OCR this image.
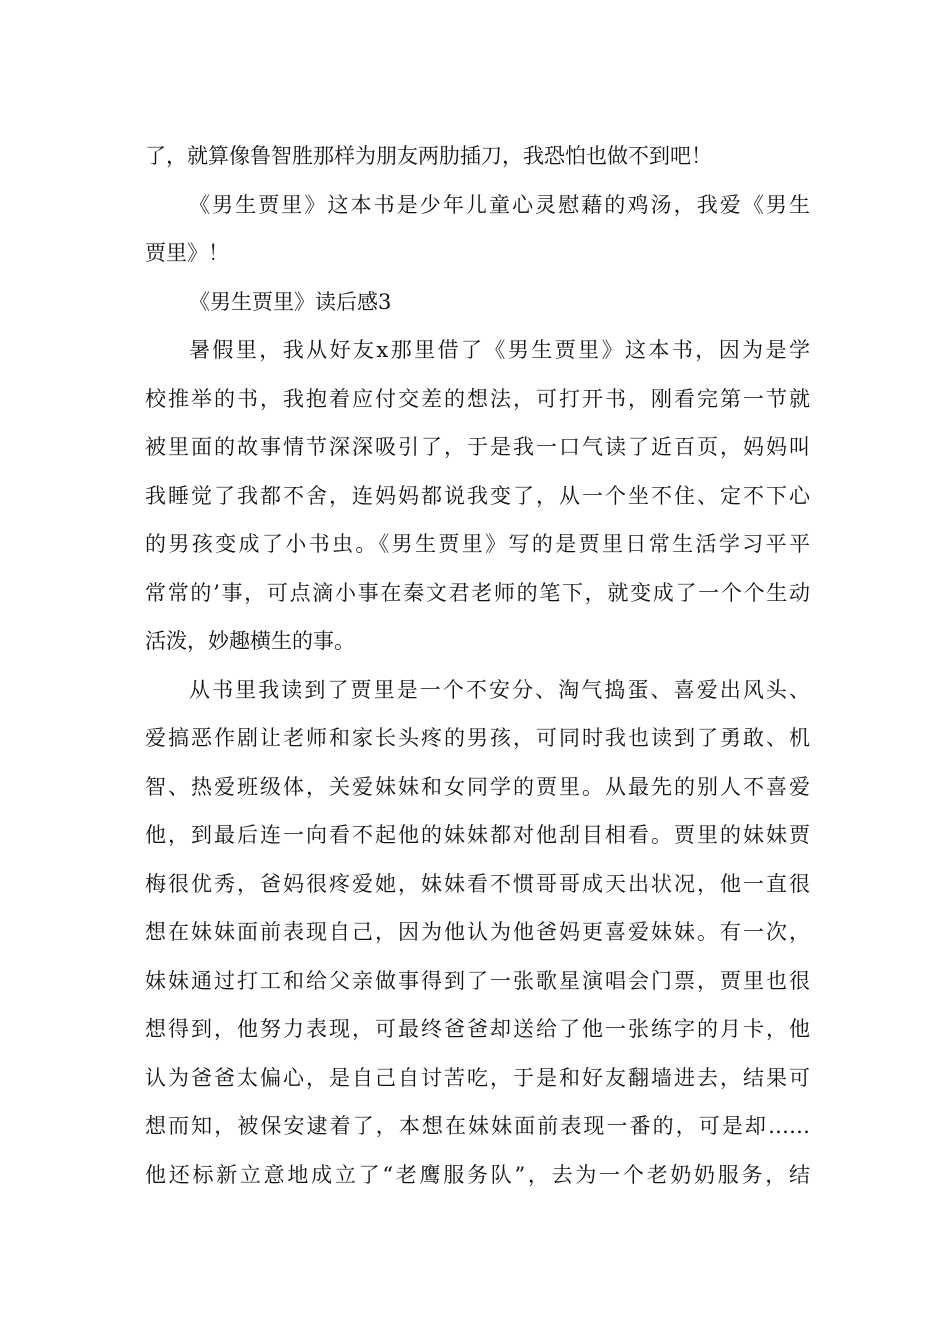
了，就算像鲁智胜那样为朋友两肋插刀，我恐怕也做不到吧！
《男生贾里》这本书是少年儿童心灵慰藉的鸡汤，我爱《男生
贾里》！
《男生贾里》读后感3
暑假里，我从好友x那里借了《男生贾里》这本书，因为是学
校推举的书，我抱着应付交差的想法，可打开书，刚看完第一节就
被里面的故事情节深深吸引了，于是我一口气读了近百页，妈妈叫
我睡觉了我都不舍，连妈妈都说我变了，从一个坐不住、定不下心
的男孩变成了小书虫。《男生贾里》写的是贾里日常生活学习平平
常常的’事，可点滴小事在秦文君老师的笔下，就变成了一个个生动
活泼，妙趣横生的事。
从书里我读到了贾里是一个不安分、淘气捣蛋、喜爱出风头、
爱搞恶作剧让老师和家长头疼的男孩，可同时我也读到了勇敢、机
智、热爱班级体，关爱妹妹和女同学的贾里。从最先的别人不喜爱
他，到最后连一向看不起他的妹妹都对他刮目相看。贾里的妹妹贾
梅很优秀，爸妈很疼爱她，妹妹看不惯哥哥成天出状况，他一直很
想在妹妹面前表现自己，因为他认为他爸妈更喜爱妹妹。有一次，
妹妹通过打工和给父亲做事得到了一张歌星演唱会门票，贾里也很
想得到，他努力表现，可最终爸爸却送给了他一张练字的月卡，他
认为爸爸太偏心，是自己自讨苦吃，于是和好友翻墙进去，结果可
想而知，被保安逮着了，本想在妹妹面前表现一番的，可是却……
他还标新立意地成立了“老鹰服务队”，去为一个老奶奶服务，结
